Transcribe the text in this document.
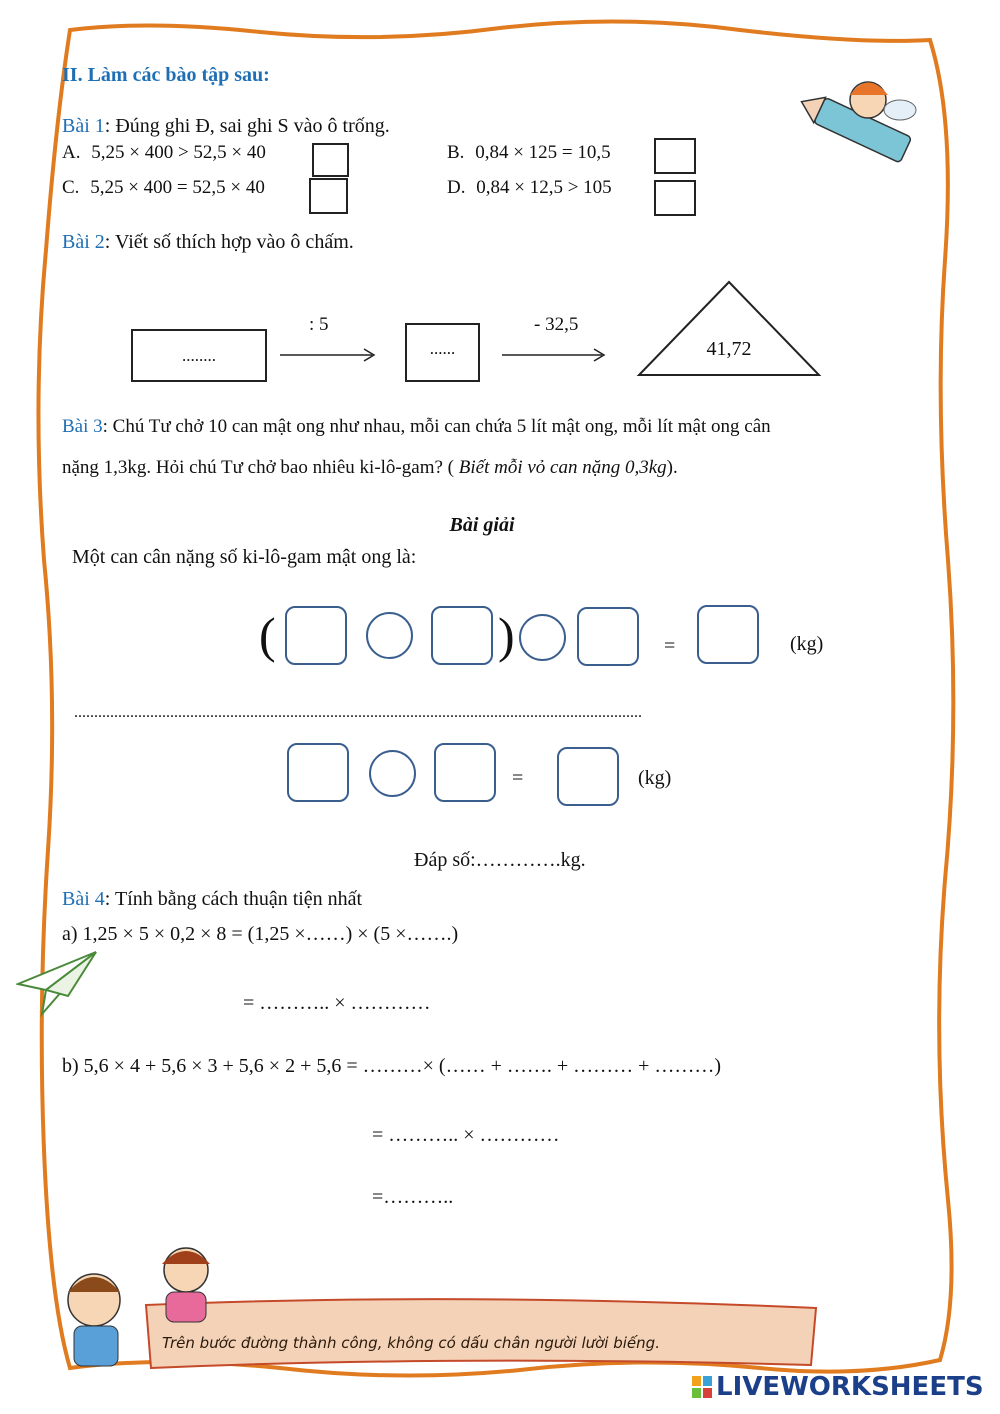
II. Làm các bào tập sau:
Bài 1: Đúng ghi Đ, sai ghi S vào ô trống.
A. 5,25 × 400 > 52,5 × 40	B. 0,84 × 125 = 10,5
C. 5,25 × 400 = 52,5 × 40	D. 0,84 × 12,5 > 105
Bài 2: Viết số thích hợp vào ô chấm.
........
: 5
......
- 32,5
41,72
Bài 3: Chú Tư chở 10 can mật ong như nhau, mỗi can chứa 5 lít mật ong, mỗi lít mật ong cân
nặng 1,3kg. Hỏi chú Tư chở bao nhiêu ki-lô-gam? ( Biết mỗi vỏ can nặng 0,3kg).
Bài giải
Một can cân nặng số ki-lô-gam mật ong là:
(	)	=	(kg)
..............................................................................................................................................
=	(kg)
Đáp số:………….kg.
Bài 4: Tính bằng cách thuận tiện nhất
a) 1,25 × 5 × 0,2 × 8 = (1,25 ×……) × (5 ×…….)
= ……….. × …………
b) 5,6 × 4 + 5,6 × 3 + 5,6 × 2 + 5,6 = ………× (…… + ……. + ……… + ………)
= ……….. × …………
=………..
Trên bước đường thành công, không có dấu chân người lười biếng.
LIVEWORKSHEETS
